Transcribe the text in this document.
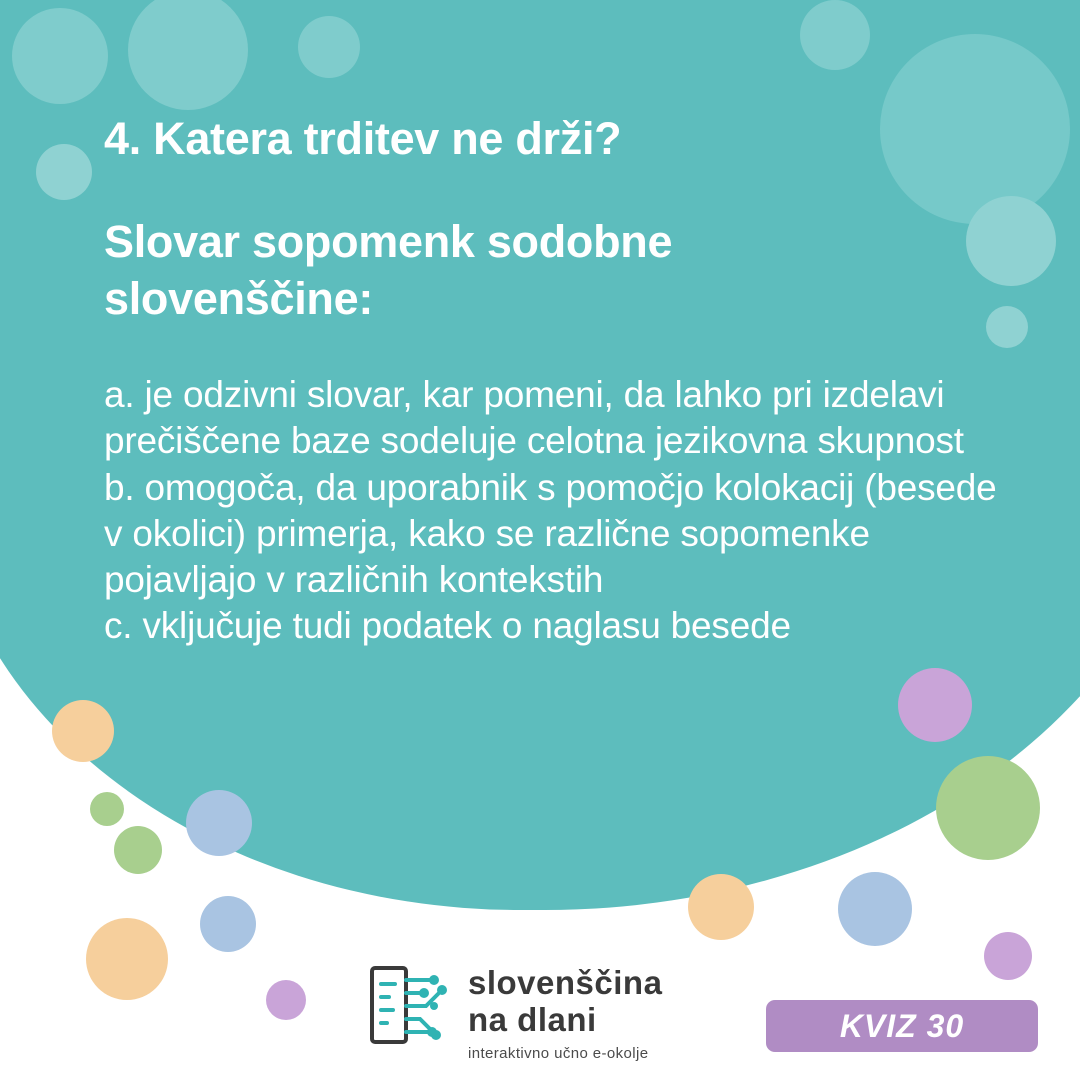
4. Katera trditev ne drži?
Slovar sopomenk sodobne slovenščine:

a. je odzivni slovar, kar pomeni, da lahko pri izdelavi prečiščene baze sodeluje celotna jezikovna skupnost

b. omogoča, da uporabnik s pomočjo kolokacij (besede v okolici) primerja, kako se različne sopomenke pojavljajo v različnih kontekstih

c. vključuje tudi podatek o naglasu besede

slovenščina
na dlani
interaktivno učno e-okolje
KVIZ 30
